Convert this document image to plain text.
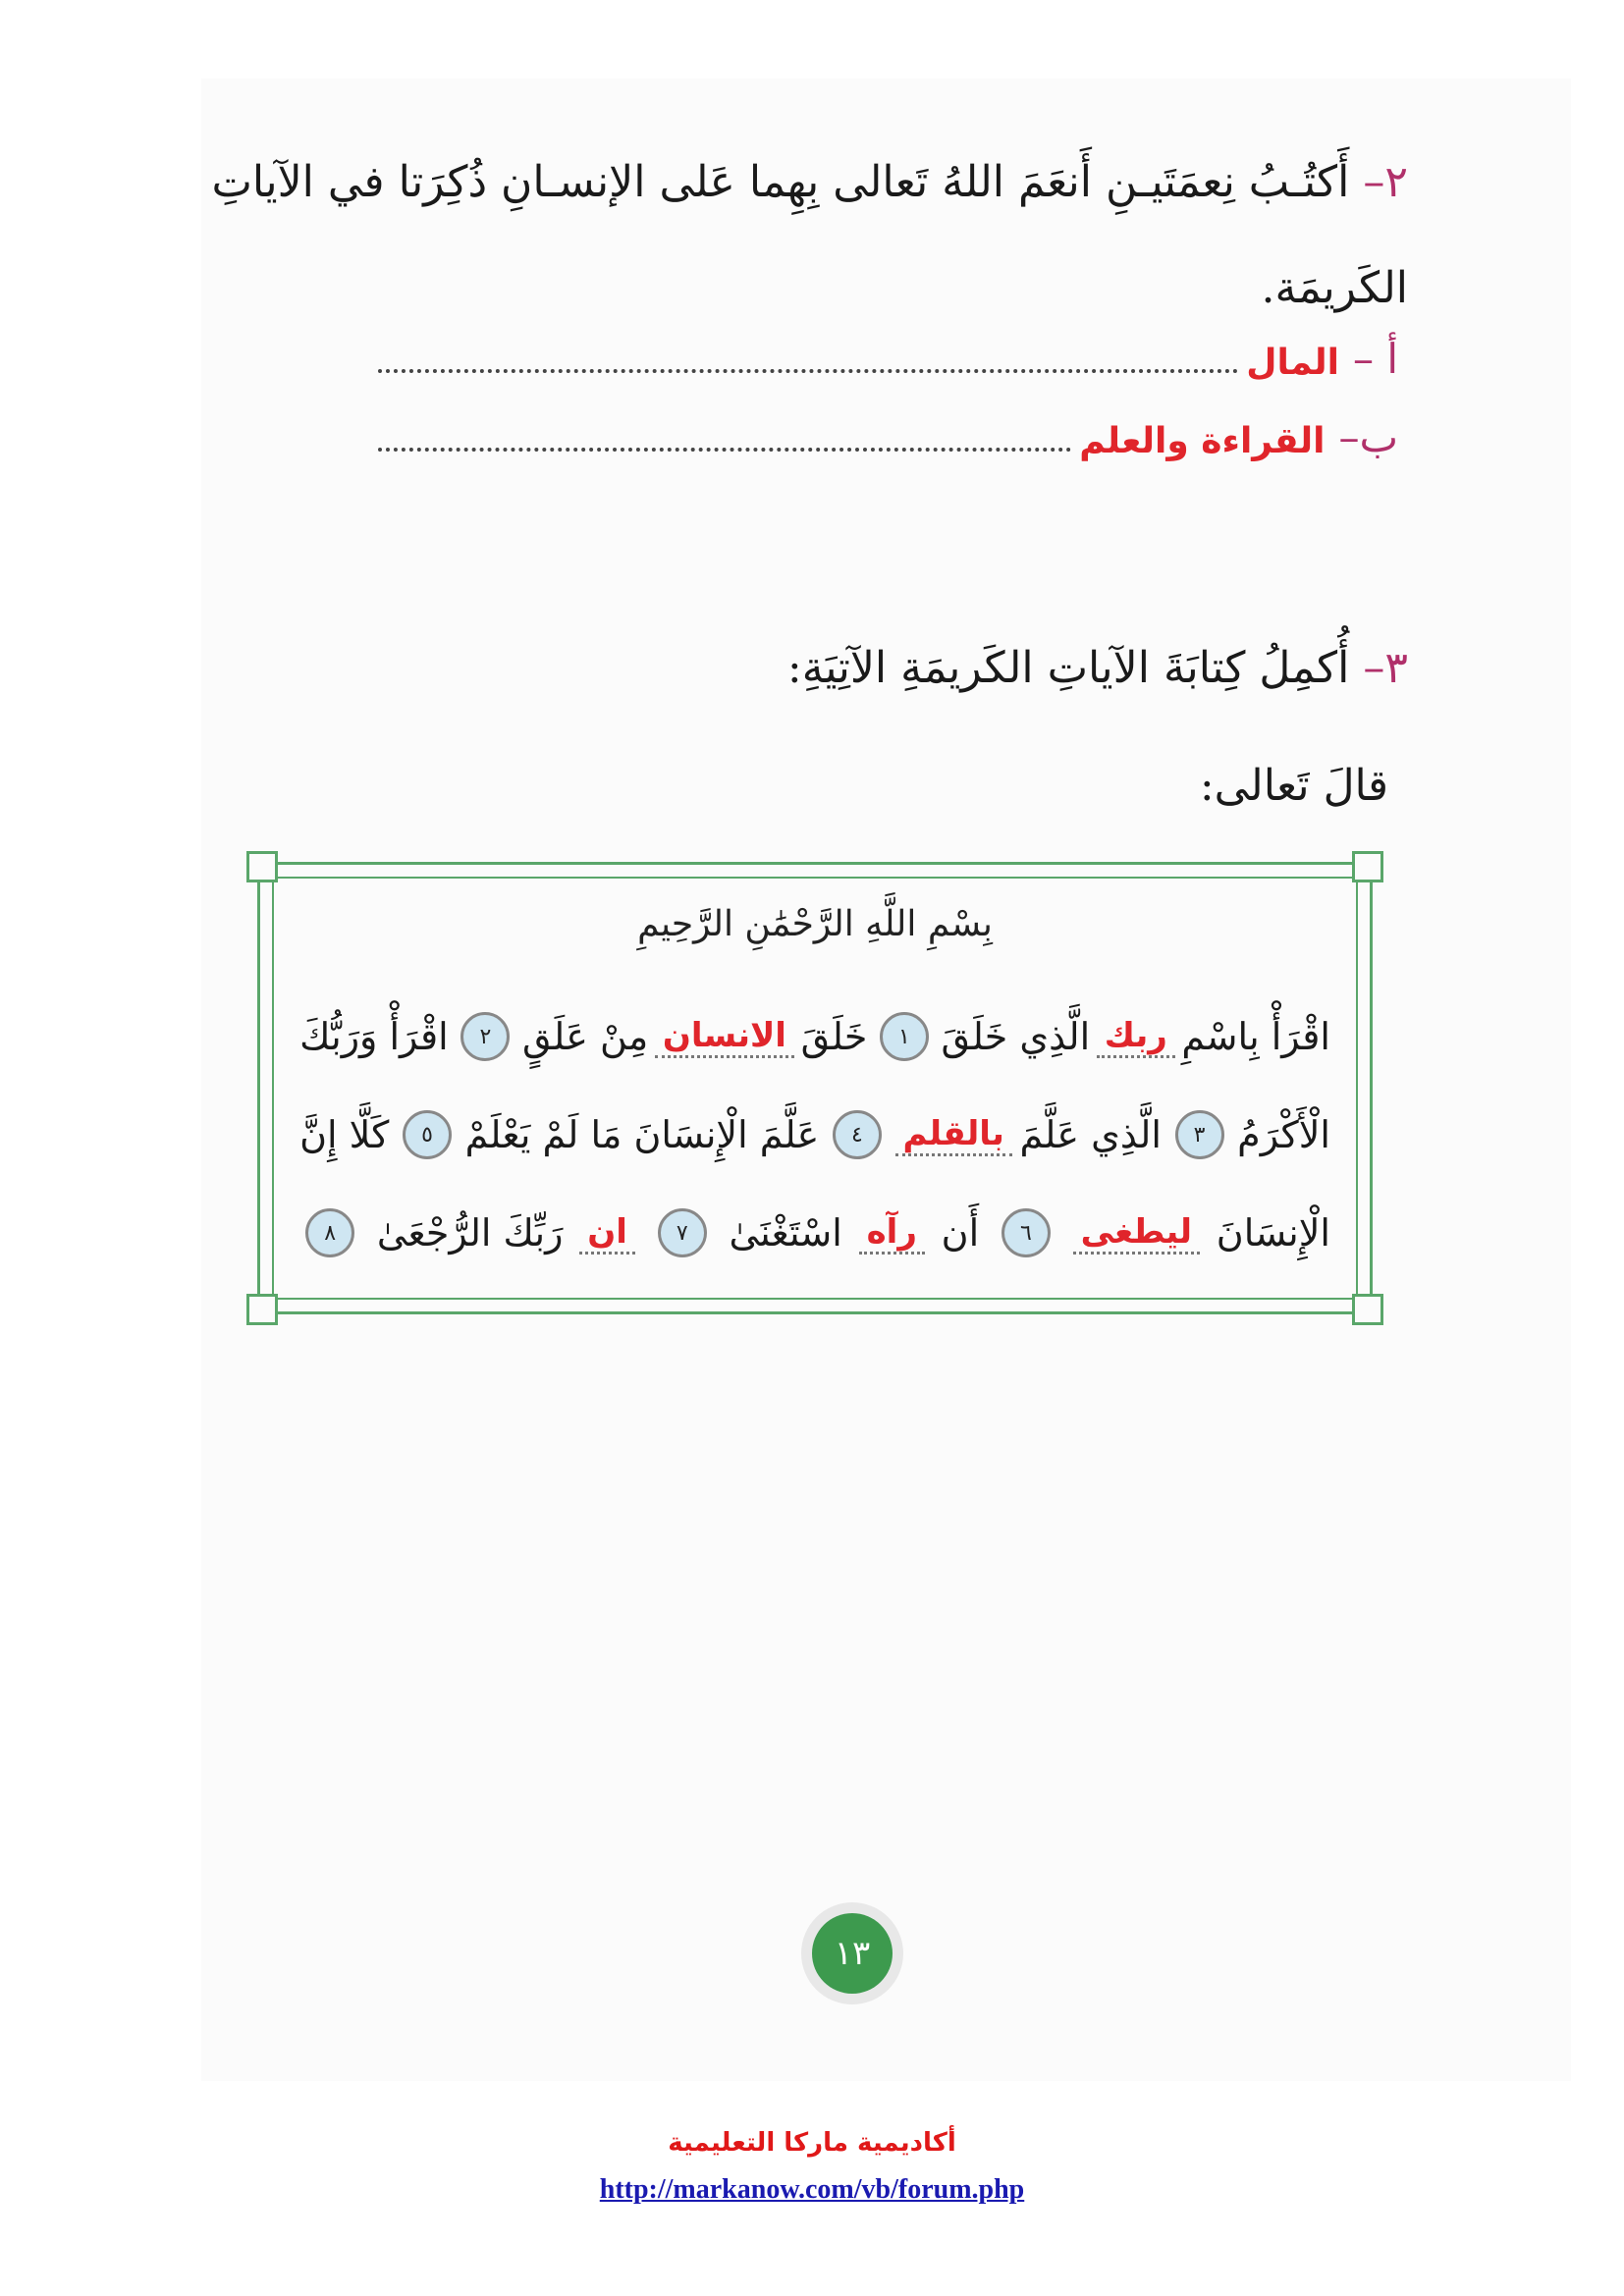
٢– أَكتُـبُ نِعمَتَيـنِ أَنعَمَ اللهُ تَعالى بِهِما عَلى الإنسـانِ ذُكِرَتا في الآياتِ
الكَريمَة.
أ –
المال
ب–
القراءة والعلم
٣– أُكمِلُ كِتابَةَ الآياتِ الكَريمَةِ الآتِيَةِ:
قالَ تَعالى:
بِسْمِ اللَّهِ الرَّحْمَٰنِ الرَّحِيمِ
اقْرَأْ بِاسْمِ
ربك
الَّذِي خَلَقَ
١
خَلَقَ
الانسان
مِنْ عَلَقٍ
٢
اقْرَأْ وَرَبُّكَ
الْأَكْرَمُ
٣
الَّذِي عَلَّمَ
بالقلم
٤
عَلَّمَ الْإِنسَانَ مَا لَمْ يَعْلَمْ
٥
كَلَّا إِنَّ
الْإِنسَانَ
ليطغى
٦
أَن
رآه
اسْتَغْنَىٰ
٧
ان
رَبِّكَ الرُّجْعَىٰ
٨
١٣
أكاديمية ماركا التعليمية
http://markanow.com/vb/forum.php
